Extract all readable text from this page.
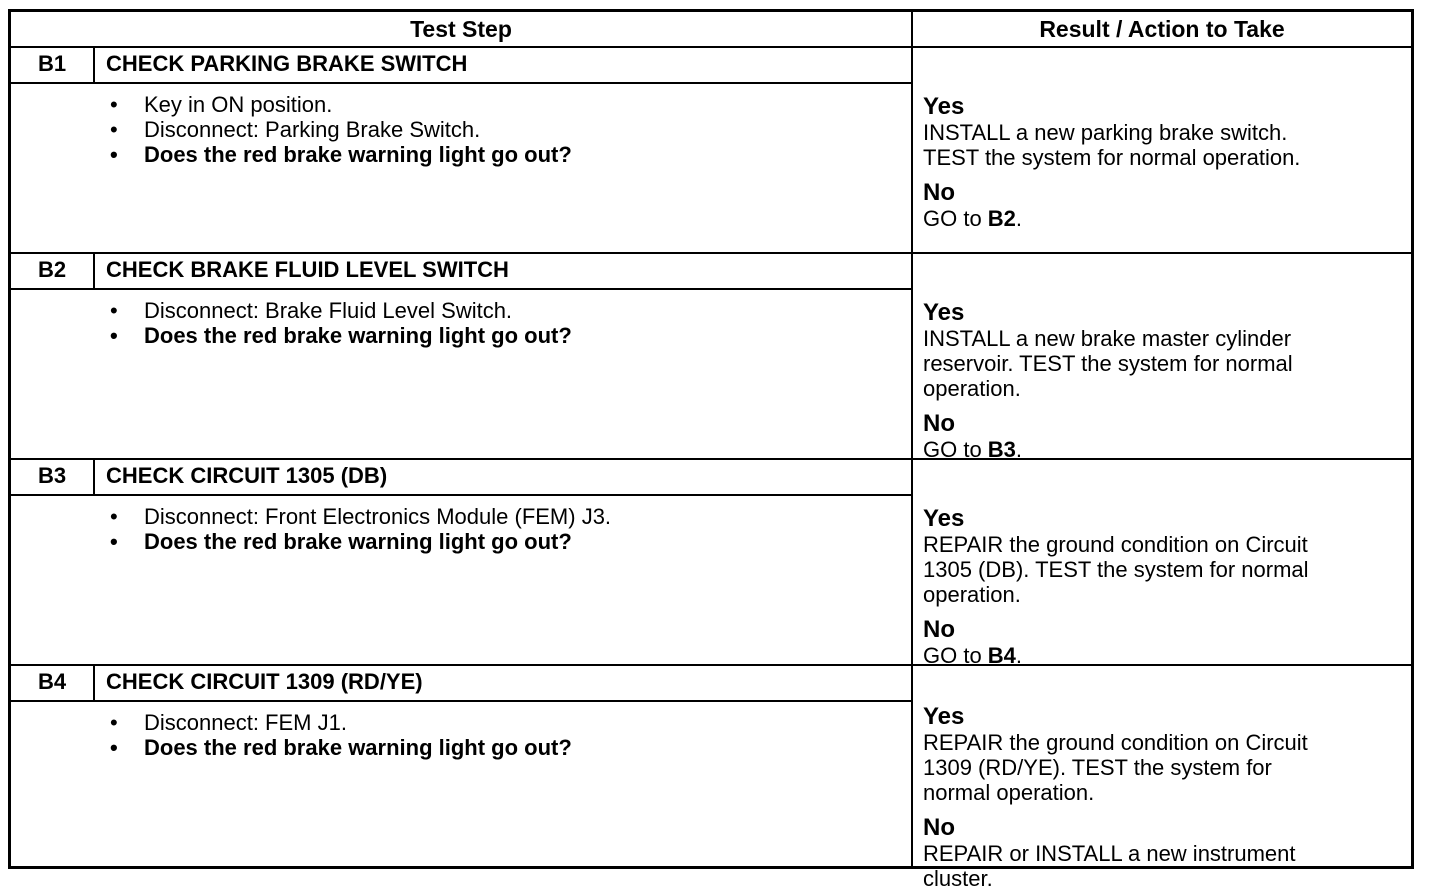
Test Step	Result / Action to Take
B1	CHECK PARKING BRAKE SWITCH
• Key in ON position.
• Disconnect: Parking Brake Switch.
• Does the red brake warning light go out?
Yes
INSTALL a new parking brake switch.
TEST the system for normal operation.
No
GO to B2.
B2	CHECK BRAKE FLUID LEVEL SWITCH
• Disconnect: Brake Fluid Level Switch.
• Does the red brake warning light go out?
Yes
INSTALL a new brake master cylinder
reservoir. TEST the system for normal
operation.
No
GO to B3.
B3	CHECK CIRCUIT 1305 (DB)
• Disconnect: Front Electronics Module (FEM) J3.
• Does the red brake warning light go out?
Yes
REPAIR the ground condition on Circuit
1305 (DB). TEST the system for normal
operation.
No
GO to B4.
B4	CHECK CIRCUIT 1309 (RD/YE)
• Disconnect: FEM J1.
• Does the red brake warning light go out?
Yes
REPAIR the ground condition on Circuit
1309 (RD/YE). TEST the system for
normal operation.
No
REPAIR or INSTALL a new instrument
cluster.
